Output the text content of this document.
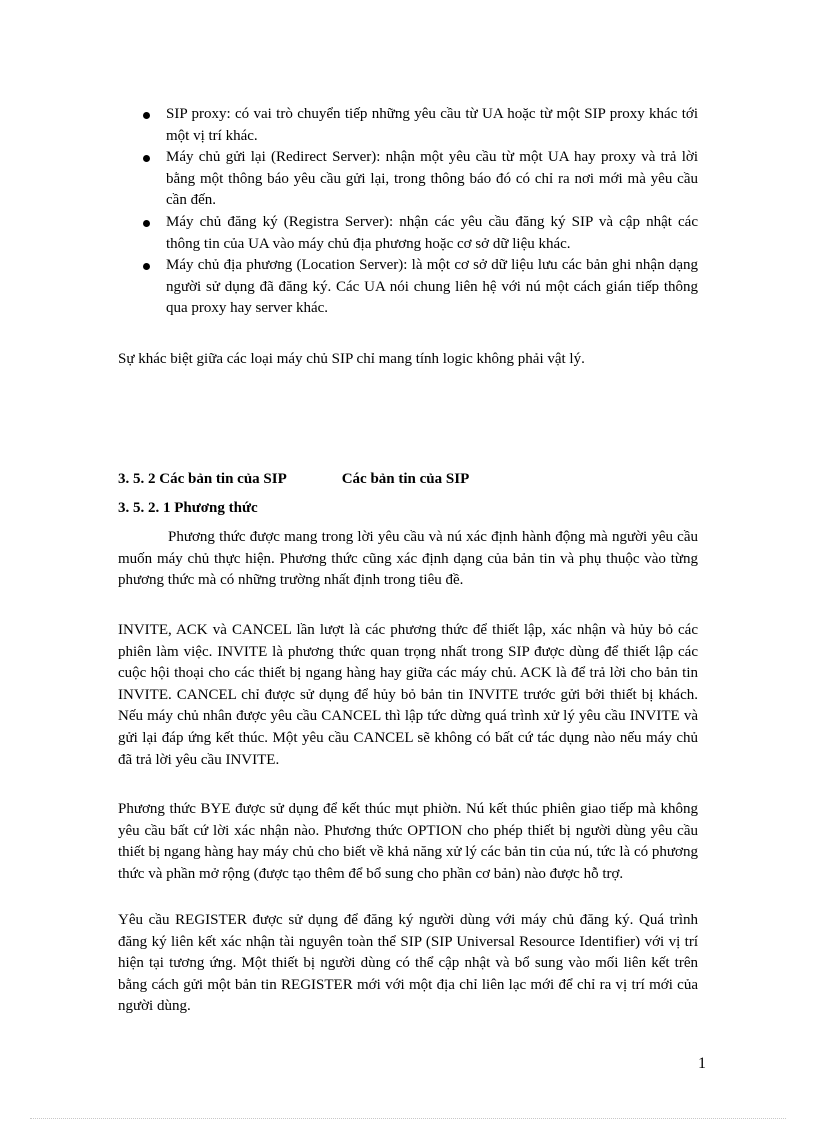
SIP proxy: có vai trò chuyển tiếp những yêu cầu từ UA hoặc từ một SIP proxy khác tới một vị trí khác.
Máy chủ gửi lại (Redirect Server): nhận một yêu cầu từ một UA hay proxy và trả lời bằng một thông báo yêu cầu gửi lại, trong thông báo đó có chỉ ra nơi mới mà yêu cầu cần đến.
Máy chủ đăng ký (Registra Server): nhận các yêu cầu đăng ký SIP và cập nhật các thông tin của UA vào máy chủ địa phương hoặc cơ sở dữ liệu khác.
Máy chủ địa phương (Location Server): là một cơ sở dữ liệu lưu các bản ghi nhận dạng người sử dụng đã đăng ký. Các UA nói chung liên hệ với nú một cách gián tiếp thông qua proxy hay server khác.

Sự khác biệt giữa các loại máy chủ SIP chỉ mang tính logic không phải vật lý.

3. 5. 2 Các bản tin của SIP	Các bản tin của SIP
3. 5. 2. 1 Phương thức

Phương thức được mang trong lời yêu cầu và nú xác định hành động mà người yêu cầu muốn máy chủ thực hiện. Phương thức cũng xác định dạng của bản tin và phụ thuộc vào từng phương thức mà có những trường nhất định trong tiêu đề.

INVITE, ACK và CANCEL lần lượt là các phương thức để thiết lập, xác nhận và hủy bỏ các phiên làm việc. INVITE là phương thức quan trọng nhất trong SIP được dùng để thiết lập các cuộc hội thoại cho các thiết bị ngang hàng hay giữa các máy chủ. ACK là để trả lời cho bản tin INVITE. CANCEL chỉ được sử dụng để hủy bỏ bản tin INVITE trước gửi bởi thiết bị khách. Nếu máy chủ nhân được yêu cầu CANCEL thì lập tức dừng quá trình xử lý yêu cầu INVITE và gửi lại đáp ứng kết thúc. Một yêu cầu CANCEL sẽ không có bất cứ tác dụng nào nếu máy chủ đã trả lời yêu cầu INVITE.

Phương thức BYE được sử dụng để kết thúc mụt phiờn. Nú kết thúc phiên giao tiếp mà không yêu cầu bất cứ lời xác nhận nào. Phương thức OPTION cho phép thiết bị người dùng yêu cầu thiết bị ngang hàng hay máy chủ cho biết về khả năng xử lý các bản tin của nú, tức là có phương thức và phần mở rộng (được tạo thêm để bổ sung cho phần cơ bản) nào được hỗ trợ.

Yêu cầu REGISTER được sử dụng để đăng ký người dùng với máy chủ đăng ký. Quá trình đăng ký liên kết xác nhận tài nguyên toàn thể SIP (SIP Universal Resource Identifier) với vị trí hiện tại tương ứng. Một thiết bị người dùng có thể cập nhật và bổ sung vào mối liên kết trên bằng cách gửi một bản tin REGISTER mới với một địa chỉ liên lạc mới để chỉ ra vị trí mới của người dùng.

1
